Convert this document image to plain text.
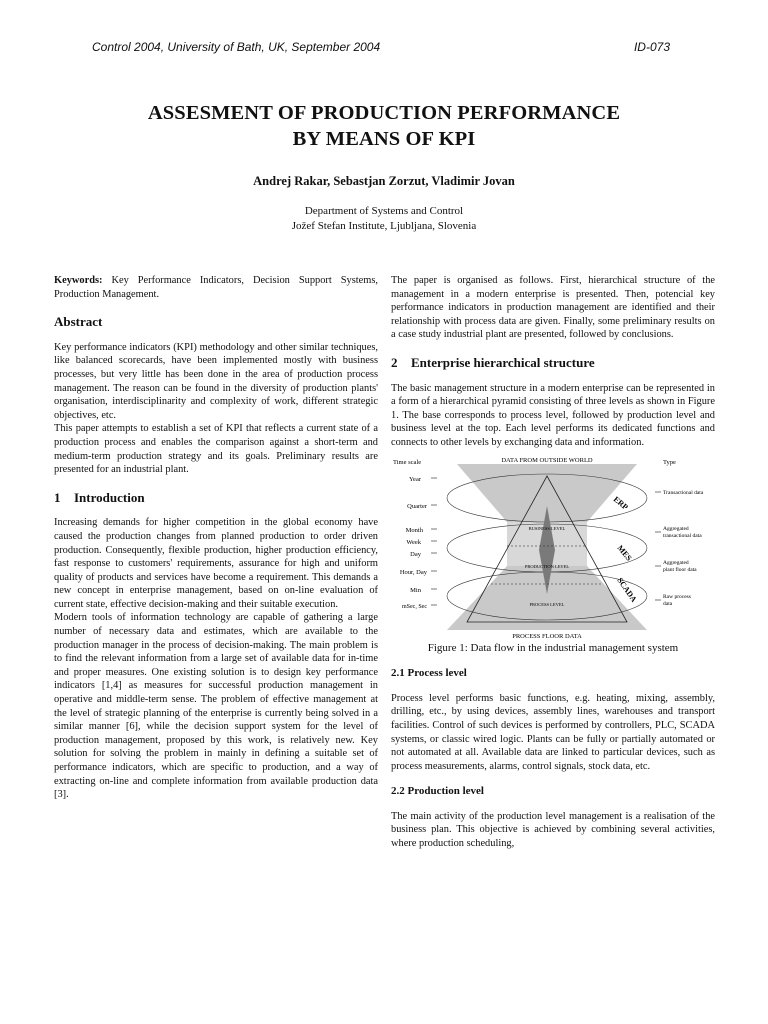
Control 2004, University of Bath, UK, September 2004	ID-073
ASSESMENT OF PRODUCTION PERFORMANCE
BY MEANS OF KPI
Andrej Rakar, Sebastjan Zorzut, Vladimir Jovan
Department of Systems and Control
Jožef Stefan Institute, Ljubljana, Slovenia

Keywords: Key Performance Indicators, Decision Support Systems, Production Management.

Abstract

Key performance indicators (KPI) methodology and other similar techniques, like balanced scorecards, have been implemented mostly with business processes, but very little has been done in the area of production process management. The reason can be found in the diversity of production plants' organisation, interdisciplinarity and complexity of work, different strategic objectives, etc.

This paper attempts to establish a set of KPI that reflects a current state of a production process and enables the comparison against a short-term and medium-term production strategy and its goals. Preliminary results are presented for an industrial plant.

1 Introduction

Increasing demands for higher competition in the global economy have caused the production changes from planned production to order driven production. Consequently, flexible production, higher production efficiency, fast response to customers' requirements, assurance for high and uniform quality of products and services have become a requirement. This demands a new concept in enterprise management, based on on-line evaluation of current state, effective decision-making and their suitable execution.

Modern tools of information technology are capable of gathering a large number of necessary data and estimates, which are available to the production manager in the process of decision-making. The main problem is to find the relevant information from a large set of available data for in-time and proper measures. One existing solution is to design key performance indicators [1,4] as measures for successful production management in operative and middle-term sense. The problem of effective management at the level of strategic planning of the enterprise is currently being solved in a similar manner [6], while the decision support system for the level of production management, proposed by this work, is relatively new. Key solution for solving the problem in mainly in defining a suitable set of performance indicators, which are specific to production, and a way of extracting on-line and complete information from available production data [3].

The paper is organised as follows. First, hierarchical structure of the management in a modern enterprise is presented. Then, potencial key performance indicators in production management are identified and their relationship with process data are given. Finally, some preliminary results on a case study industrial plant are presented, followed by conclusions.

2 Enterprise hierarchical structure

The basic management structure in a modern enterprise can be represented in a form of a hierarchical pyramid consisting of three levels as shown in Figure 1. The base corresponds to process level, followed by production level and business level at the top. Each level performs its dedicated functions and connects to other levels by exchanging data and information.

DATA FROM OUTSIDE WORLD
PROCESS FLOOR DATA
Time scale	Type
Year
Quarter
Month
Week
Day
Hour, Day
Min
mSec, Sec
ERP
MES
SCADA
BUSINESS LEVEL
PRODUCTION LEVEL
PROCESS LEVEL
Transactional data
Aggregated
transactional data
Aggregated
plant floor data
Raw process
data
Figure 1: Data flow in the industrial management system
2.1 Process level

Process level performs basic functions, e.g. heating, mixing, assembly, drilling, etc., by using devices, assembly lines, warehouses and transport facilities. Control of such devices is performed by controllers, PLC, SCADA systems, or classic wired logic. Plants can be fully or partially automated or not automated at all. Available data are linked to particular devices, such as process measurements, alarms, control signals, stock data, etc.

2.2 Production level

The main activity of the production level management is a realisation of the business plan. This objective is achieved by combining several activities, where production scheduling,
